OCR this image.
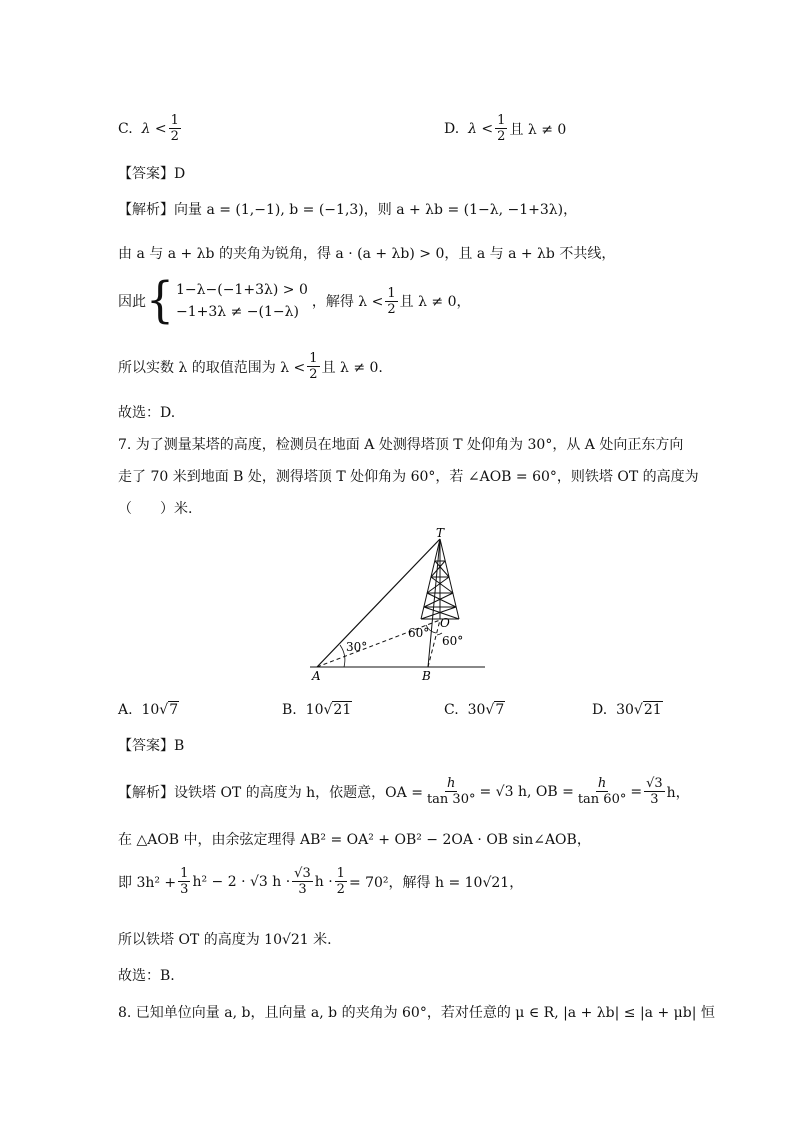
C.
$\lambda < \frac{1}{2}$	D.
$\lambda < \frac{1}{2}$ 且 λ ≠ 0
【答案】D
【解析】向量 a = (1,−1), b = (−1,3)，则 a + λb = (1−λ, −1+3λ)，
由 a 与 a + λb 的夹角为锐角，得 a · (a + λb) > 0，且 a 与 a + λb 不共线，
因此 { 1−λ−(−1+3λ) > 0
−1+3λ ≠ −(1−λ)
，解得 $\lambda < \frac{1}{2}$ 且 λ ≠ 0，
所以实数 λ 的取值范围为 $\lambda < \frac{1}{2}$ 且 λ ≠ 0.
故选：D.
7. 为了测量某塔的高度，检测员在地面 A 处测得塔顶 T 处仰角为 30°，从 A 处向正东方向
走了 70 米到地面 B 处，测得塔顶 T 处仰角为 60°，若 ∠AOB = 60°，则铁塔 OT 的高度为
（　　）米.
T
O
A	B
30°
60°
60°
A.
10 √ 7	B.
10 √ 21	C.
30 √ 7	D.
30 √ 21
【答案】B
【解析】设铁塔 OT 的高度为 h，依题意，OA = $\frac{h}{\tan 30^\circ} = √3$ h, OB = $\frac{h}{\tan 60^\circ} = \frac{√3}{3}$ h，
在 △AOB 中，由余弦定理得 AB² = OA² + OB² − 2OA · OB sin∠AOB，
即 $3h^2 + \frac{1}{3} h^2 - 2 \cdot √3$ $h \cdot \frac{√3}{3}$ $h \cdot \frac{1}{2} = 70^2$，解得 h = 10√21，
所以铁塔 OT 的高度为 10√21 米.
故选：B.
8. 已知单位向量 a, b，且向量 a, b 的夹角为 60°，若对任意的 μ ∈ R, |a + λb| ≤ |a + μb| 恒
